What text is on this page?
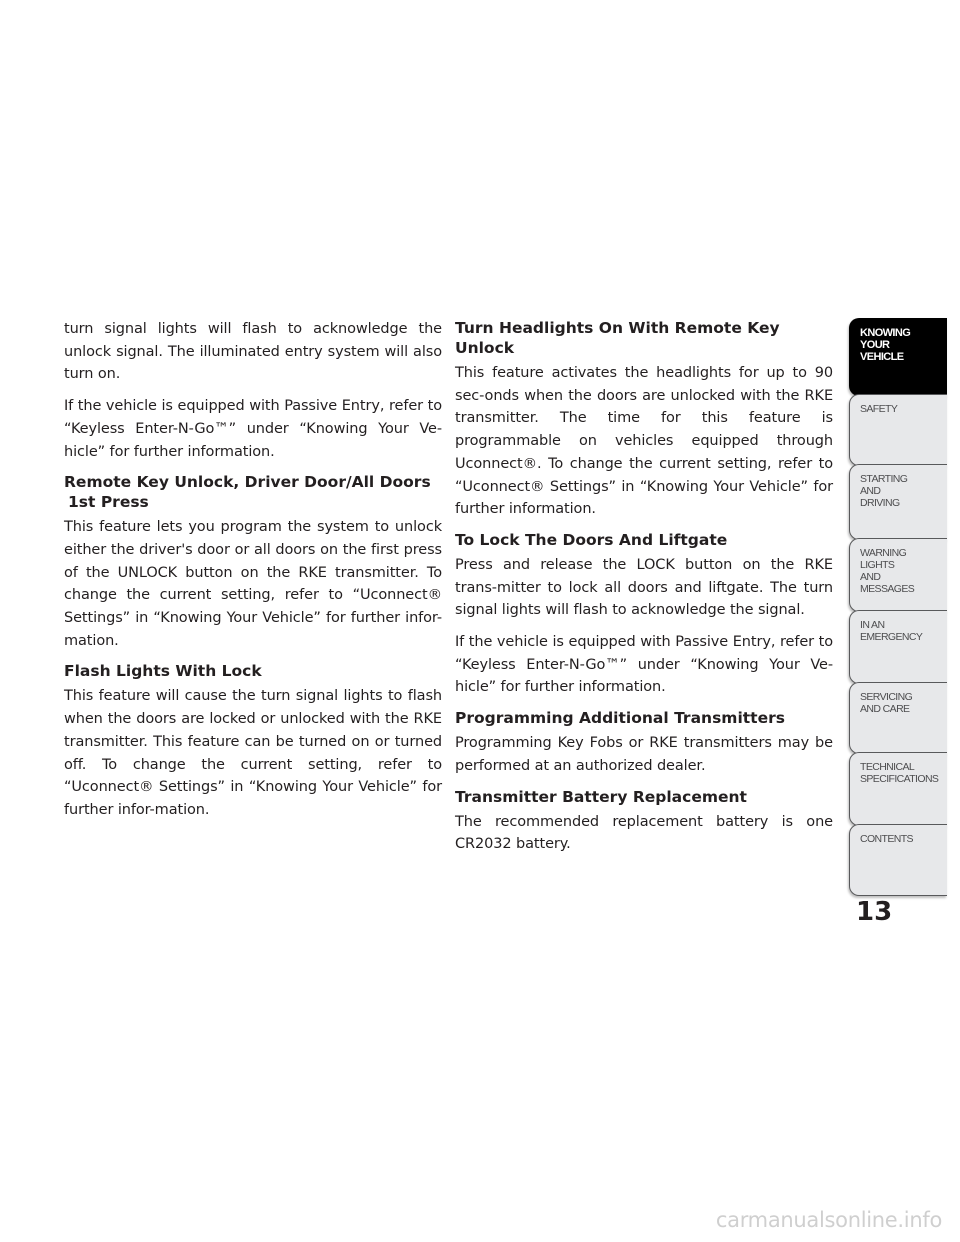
turn signal lights will flash to acknowledge the unlock signal. The illuminated entry system will also turn on.

If the vehicle is equipped with Passive Entry, refer to “Keyless Enter-N-Go™” under “Knowing Your Ve-hicle” for further information.

Remote Key Unlock, Driver Door/All Doors
1st Press

This feature lets you program the system to unlock either the driver's door or all doors on the first press of the UNLOCK button on the RKE transmitter. To change the current setting, refer to “Uconnect® Settings” in “Knowing Your Vehicle” for further infor-mation.

Flash Lights With Lock

This feature will cause the turn signal lights to flash when the doors are locked or unlocked with the RKE transmitter. This feature can be turned on or turned off. To change the current setting, refer to “Uconnect® Settings” in “Knowing Your Vehicle” for further infor-mation.

Turn Headlights On With Remote Key Unlock

This feature activates the headlights for up to 90 sec-onds when the doors are unlocked with the RKE transmitter. The time for this feature is programmable on vehicles equipped through Uconnect®. To change the current setting, refer to “Uconnect® Settings” in “Knowing Your Vehicle” for further information.

To Lock The Doors And Liftgate

Press and release the LOCK button on the RKE trans-mitter to lock all doors and liftgate. The turn signal lights will flash to acknowledge the signal.

If the vehicle is equipped with Passive Entry, refer to “Keyless Enter-N-Go™” under “Knowing Your Ve-hicle” for further information.

Programming Additional Transmitters

Programming Key Fobs or RKE transmitters may be performed at an authorized dealer.

Transmitter Battery Replacement

The recommended replacement battery is one CR2032 battery.

KNOWING
YOUR
VEHICLE
SAFETY
STARTING
AND
DRIVING
WARNING
LIGHTS
AND
MESSAGES
IN AN
EMERGENCY
SERVICING
AND CARE
TECHNICAL
SPECIFICATIONS
CONTENTS
13
carmanualsonline.info
